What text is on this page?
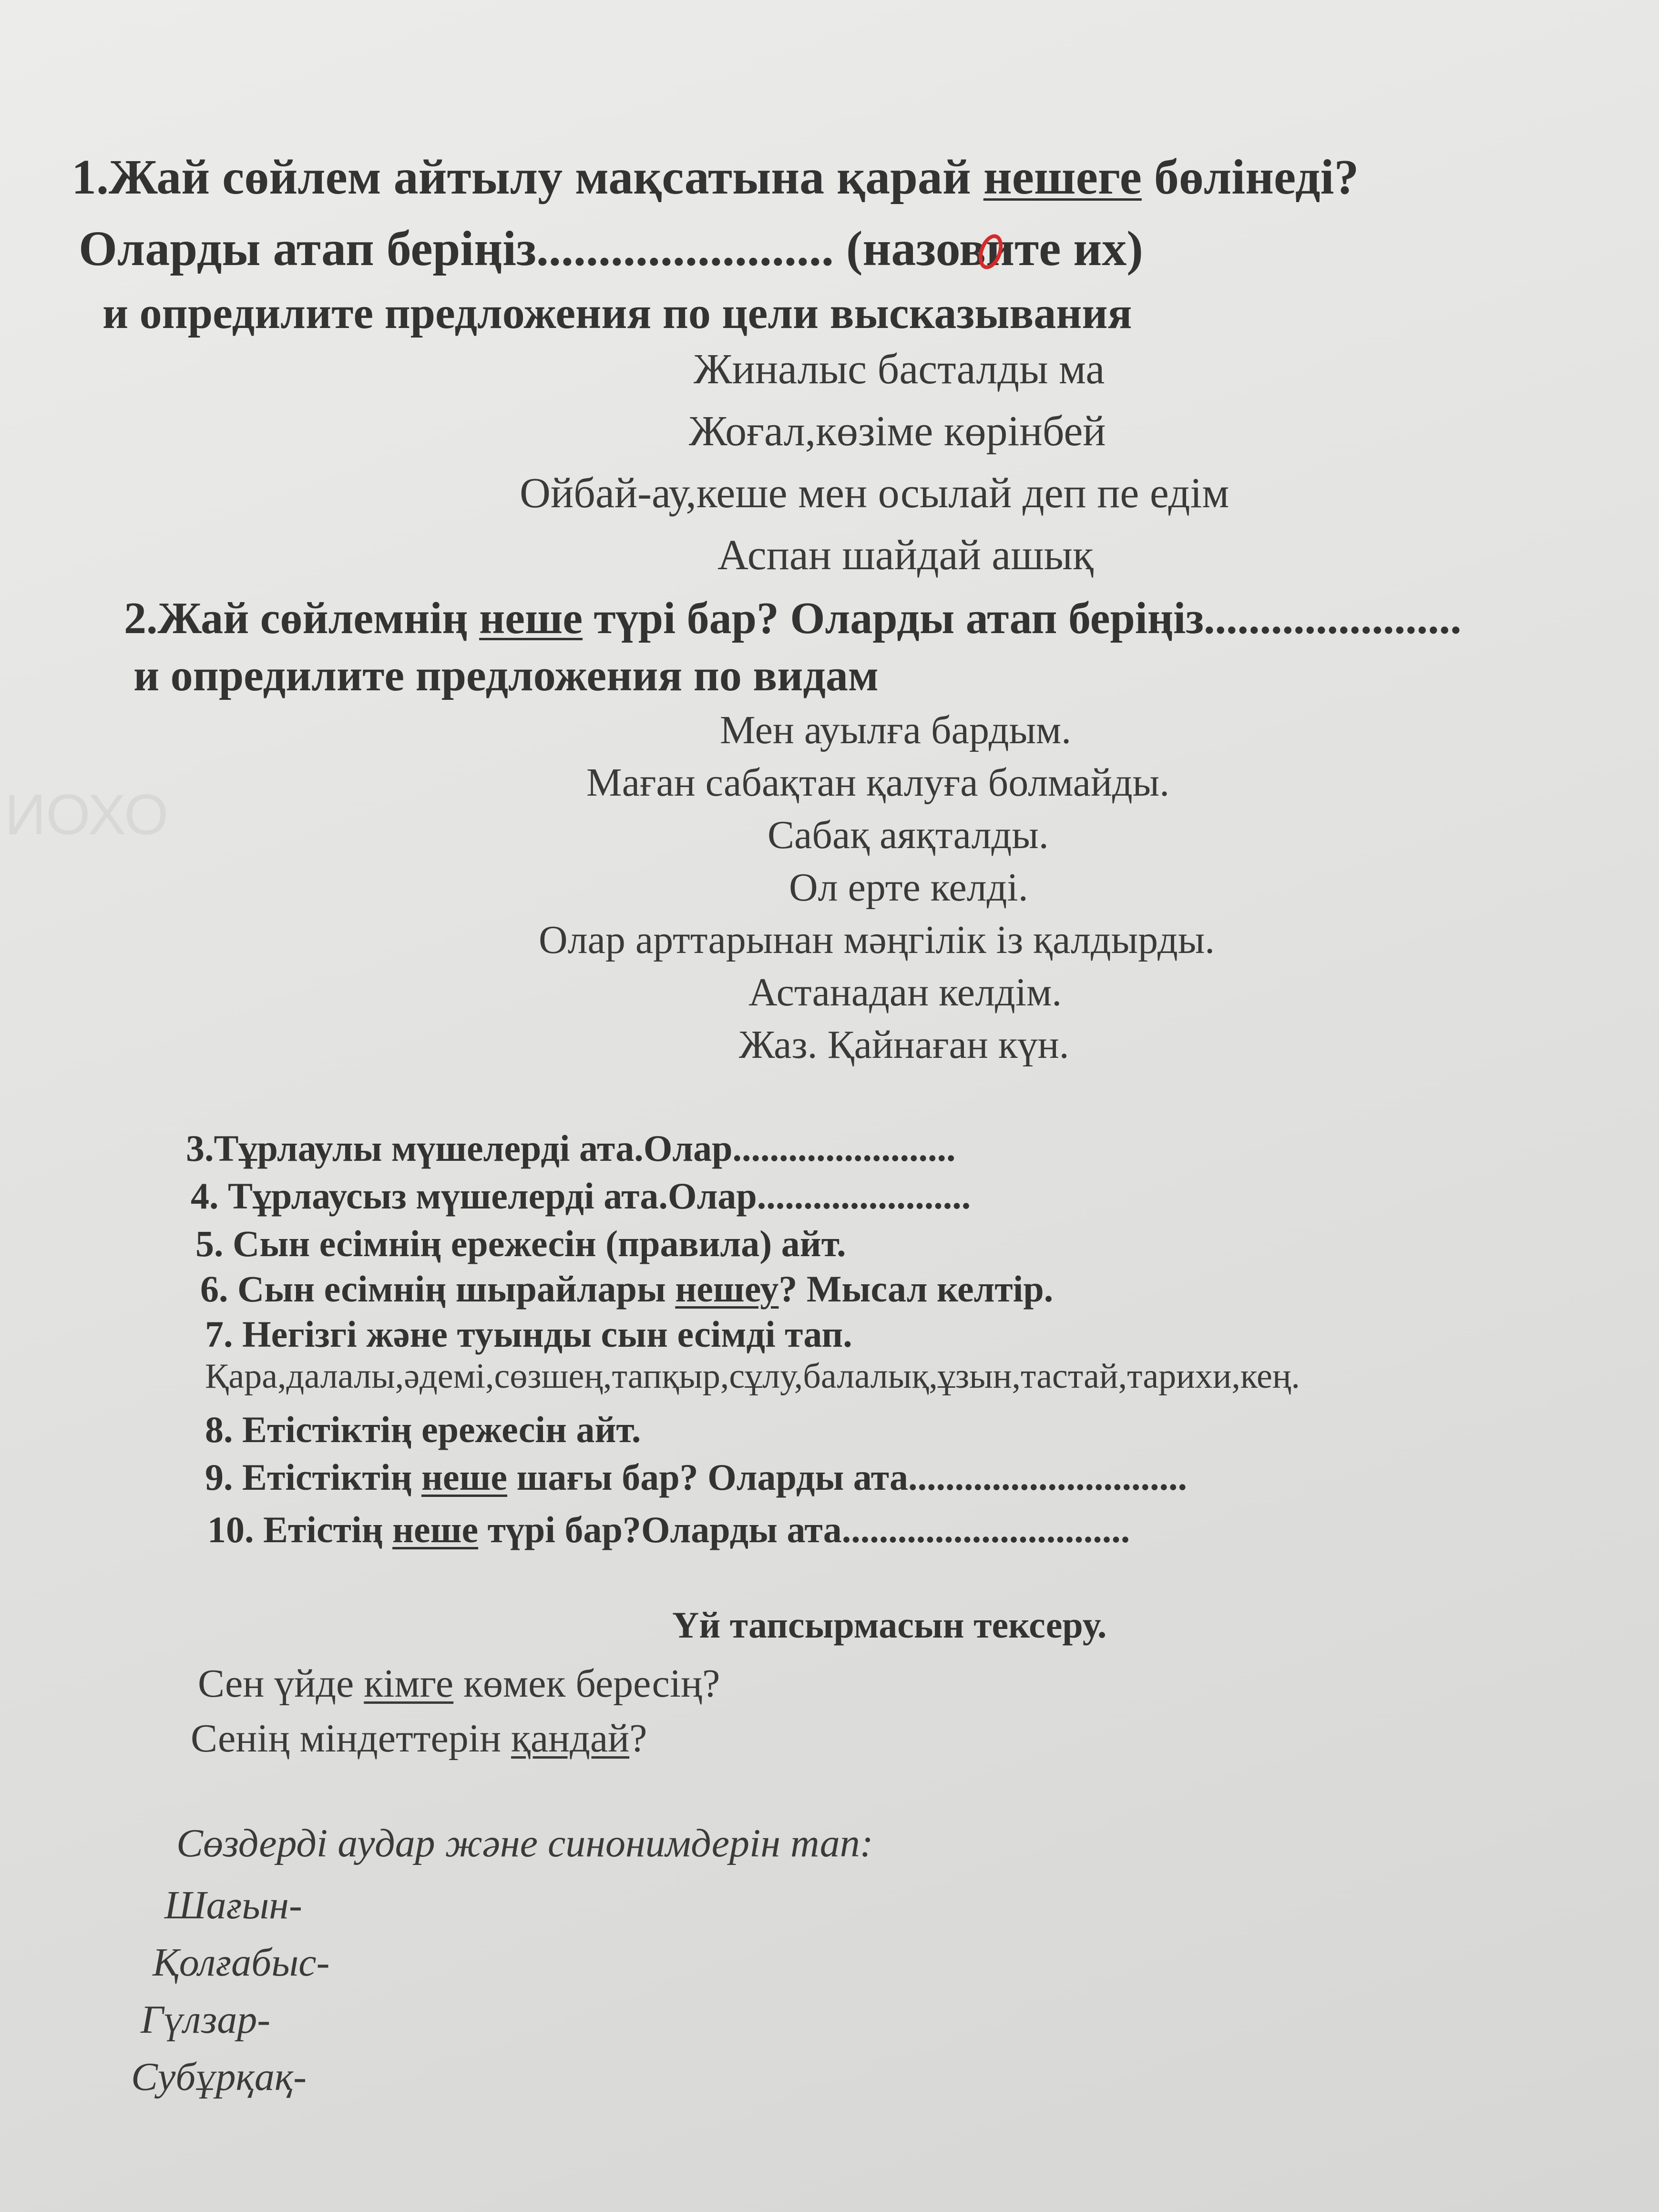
ИОХО
1.Жай сөйлем айтылу мақсатына қарай нешеге бөлінеді?
Оларды атап беріңіз........................ (назовите их)
и опредилите предложения по цели высказывания
Жиналыс басталды ма
Жоғал,көзіме көрінбей
Ойбай-ау,кеше мен осылай деп пе едім
Аспан шайдай ашық
2.Жай сөйлемнің неше түрі бар? Оларды атап беріңіз.......................
и опредилите предложения по видам
Мен ауылға бардым.
Маған сабақтан қалуға болмайды.
Сабақ аяқталды.
Ол ерте келді.
Олар арттарынан мәңгілік із қалдырды.
Астанадан келдім.
Жаз. Қайнаған күн.
3.Тұрлаулы мүшелерді ата.Олар........................
4. Тұрлаусыз мүшелерді ата.Олар.......................
5. Сын есімнің ережесін (правила) айт.
6. Сын есімнің шырайлары нешеу? Мысал келтір.
7. Негізгі және туынды сын есімді тап.
Қара,далалы,әдемі,сөзшең,тапқыр,сұлу,балалық,ұзын,тастай,тарихи,кең.
8. Етістіктің ережесін айт.
9. Етістіктің неше шағы бар? Оларды ата..............................
10. Етістің неше түрі бар?Оларды ата...............................
Үй тапсырмасын тексеру.
Сен үйде кімге көмек бересің?
Сенің міндеттерін қандай?
Сөздерді аудар және синонимдерін тап:
Шағын-
Қолғабыс-
Гүлзар-
Субұрқақ-
